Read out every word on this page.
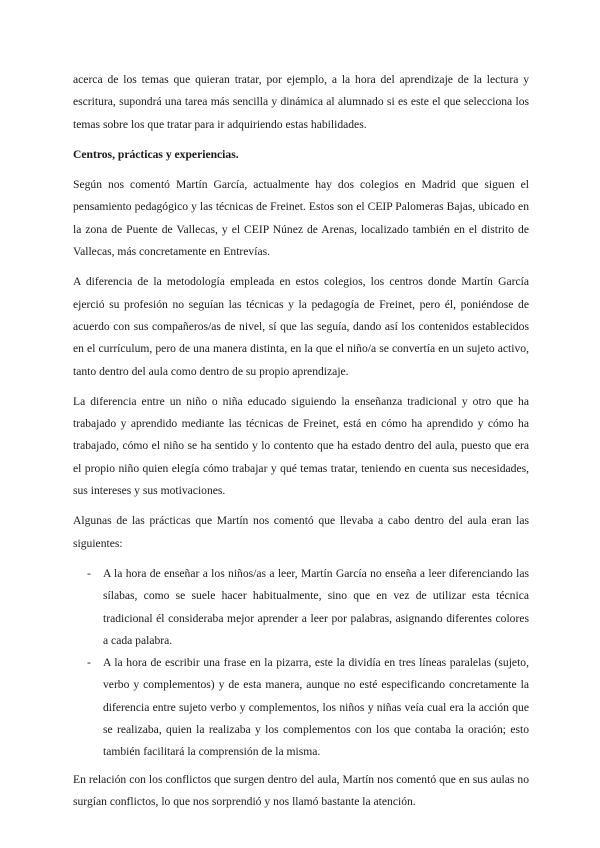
acerca de los temas que quieran tratar, por ejemplo, a la hora del aprendizaje de la lectura y escritura, supondrá una tarea más sencilla y dinámica al alumnado si es este el que selecciona los temas sobre los que tratar para ir adquiriendo estas habilidades.

Centros, prácticas y experiencias.

Según nos comentó Martín García, actualmente hay dos colegios en Madrid que siguen el pensamiento pedagógico y las técnicas de Freinet. Estos son el CEIP Palomeras Bajas, ubicado en la zona de Puente de Vallecas, y el CEIP Núnez de Arenas, localizado también en el distrito de Vallecas, más concretamente en Entrevías.

A diferencia de la metodología empleada en estos colegios, los centros donde Martín García ejerció su profesión no seguían las técnicas y la pedagogía de Freinet, pero él, poniéndose de acuerdo con sus compañeros/as de nivel, sí que las seguía, dando así los contenidos establecidos en el currículum, pero de una manera distinta, en la que el niño/a se convertía en un sujeto activo, tanto dentro del aula como dentro de su propio aprendizaje.

La diferencia entre un niño o niña educado siguiendo la enseñanza tradicional y otro que ha trabajado y aprendido mediante las técnicas de Freinet, está en cómo ha aprendido y cómo ha trabajado, cómo el niño se ha sentido y lo contento que ha estado dentro del aula, puesto que era el propio niño quien elegía cómo trabajar y qué temas tratar, teniendo en cuenta sus necesidades, sus intereses y sus motivaciones.

Algunas de las prácticas que Martín nos comentó que llevaba a cabo dentro del aula eran las siguientes:

- A la hora de enseñar a los niños/as a leer, Martín García no enseña a leer diferenciando las sílabas, como se suele hacer habitualmente, sino que en vez de utilizar esta técnica tradicional él consideraba mejor aprender a leer por palabras, asignando diferentes colores a cada palabra.
- A la hora de escribir una frase en la pizarra, este la dividía en tres líneas paralelas (sujeto, verbo y complementos) y de esta manera, aunque no esté especificando concretamente la diferencia entre sujeto verbo y complementos, los niños y niñas veía cual era la acción que se realizaba, quien la realizaba y los complementos con los que contaba la oración; esto también facilitará la comprensión de la misma.

En relación con los conflictos que surgen dentro del aula, Martín nos comentó que en sus aulas no surgían conflictos, lo que nos sorprendió y nos llamó bastante la atención.
